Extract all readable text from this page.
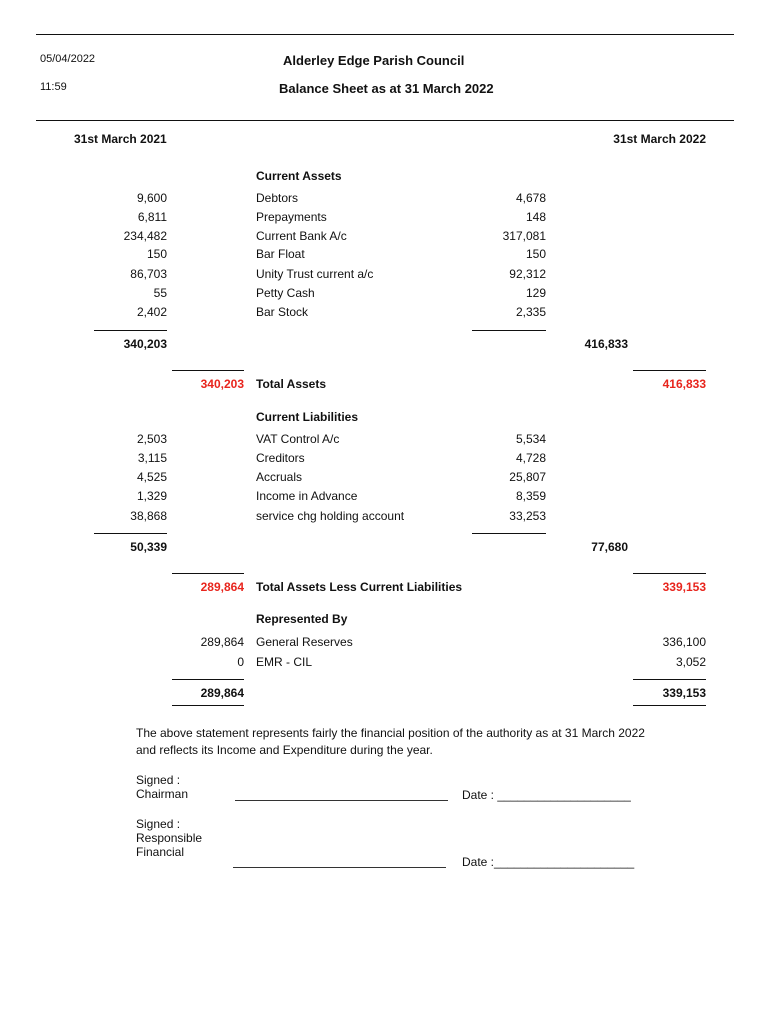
05/04/2022
11:59
Alderley Edge Parish Council
Balance Sheet as at 31 March 2022
31st March 2021	31st March 2022
Current Assets
9,600	Debtors	4,678
6,811	Prepayments	148
234,482	Current Bank A/c	317,081
150	Bar Float	150
86,703	Unity Trust current a/c	92,312
55	Petty Cash	129
2,402	Bar Stock	2,335
340,203	416,833
340,203 Total Assets	416,833
Current Liabilities
2,503	VAT Control A/c	5,534
3,115	Creditors	4,728
4,525	Accruals	25,807
1,329	Income in Advance	8,359
38,868	service chg holding account	33,253
50,339	77,680
289,864 Total Assets Less Current Liabilities	339,153
Represented By
289,864 General Reserves	336,100
0 EMR - CIL	3,052
289,864	339,153
The above statement represents fairly the financial position of the authority as at 31 March 2022
and reflects its Income and Expenditure during the year.
Signed :
Chairman	Date : ____________________
Signed :
Responsible
Financial
Date :_____________________
